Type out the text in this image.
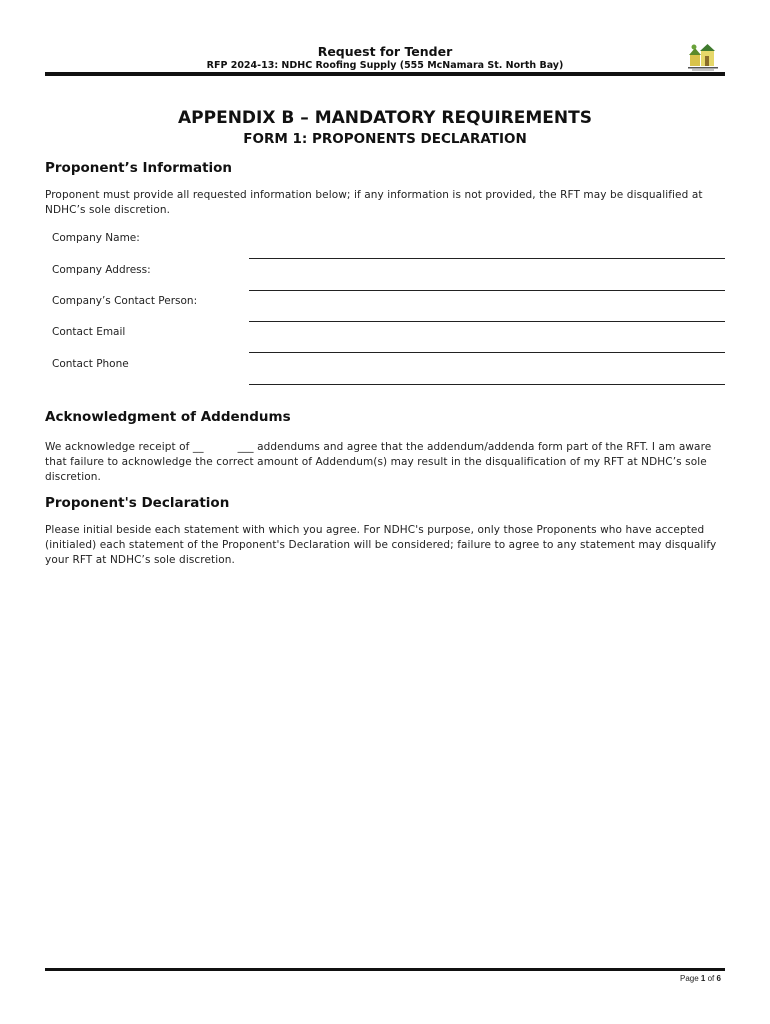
Request for Tender
RFP 2024-13: NDHC Roofing Supply (555 McNamara St. North Bay)
APPENDIX B – MANDATORY REQUIREMENTS
FORM 1: PROPONENTS DECLARATION
Proponent’s Information
Proponent must provide all requested information below; if any information is not provided, the RFT may be disqualified at NDHC’s sole discretion.
Company Name:
Company Address:
Company’s Contact Person:
Contact Email
Contact Phone
Acknowledgment of Addendums
We acknowledge receipt of __	___ addendums and agree that the addendum/addenda form part of the RFT. I am aware that failure to acknowledge the correct amount of Addendum(s) may result in the disqualification of my RFT at NDHC’s sole discretion.
Proponent's Declaration
Please initial beside each statement with which you agree. For NDHC's purpose, only those Proponents who have accepted (initialed) each statement of the Proponent's Declaration will be considered; failure to agree to any statement may disqualify your RFT at NDHC’s sole discretion.
Page 1 of 6
